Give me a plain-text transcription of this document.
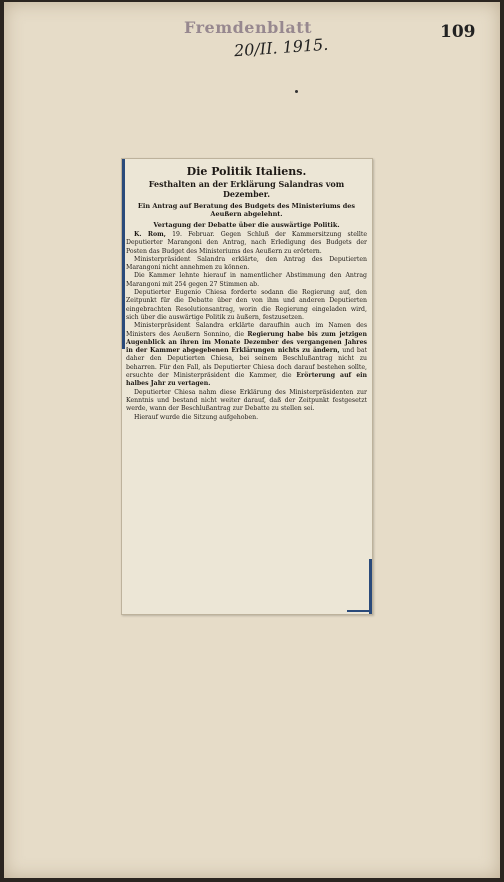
Fremdenblatt
20/II. 1915.
109
Die Politik Italiens.
Festhalten an der Erklärung Salandras vom Dezember.
Ein Antrag auf Beratung des Budgets des Ministeriums des Aeußern abgelehnt.
Vertagung der Debatte über die auswärtige Politik.

K. Rom, 19. Februar. Gegen Schluß der Kammersitzung stellte Deputierter Marangoni den Antrag, nach Erledigung des Budgets der Posten das Budget des Ministeriums des Aeußern zu erörtern.

Ministerpräsident Salandra erklärte, den Antrag des Deputierten Marangoni nicht annehmen zu können.

Die Kammer lehnte hierauf in namentlicher Abstimmung den Antrag Marangoni mit 254 gegen 27 Stimmen ab.

Deputierter Eugenio Chiesa forderte sodann die Regierung auf, den Zeitpunkt für die Debatte über den von ihm und anderen Deputierten eingebrachten Resolutionsantrag, worin die Regierung eingeladen wird, sich über die auswärtige Politik zu äußern, festzusetzen.

Ministerpräsident Salandra erklärte daraufhin auch im Namen des Ministers des Aeußern Sonnino, die Regierung habe bis zum jetzigen Augenblick an ihren im Monate Dezember des vergangenen Jahres in der Kammer abgegebenen Erklärungen nichts zu ändern, und bat daher den Deputierten Chiesa, bei seinem Beschlußantrag nicht zu beharren. Für den Fall, als Deputierter Chiesa doch darauf bestehen sollte, ersuchte der Ministerpräsident die Kammer, die Erörterung auf ein halbes Jahr zu vertagen.

Deputierter Chiesa nahm diese Erklärung des Ministerpräsidenten zur Kenntnis und bestand nicht weiter darauf, daß der Zeitpunkt festgesetzt werde, wann der Beschlußantrag zur Debatte zu stellen sei.

Hierauf wurde die Sitzung aufgehoben.
